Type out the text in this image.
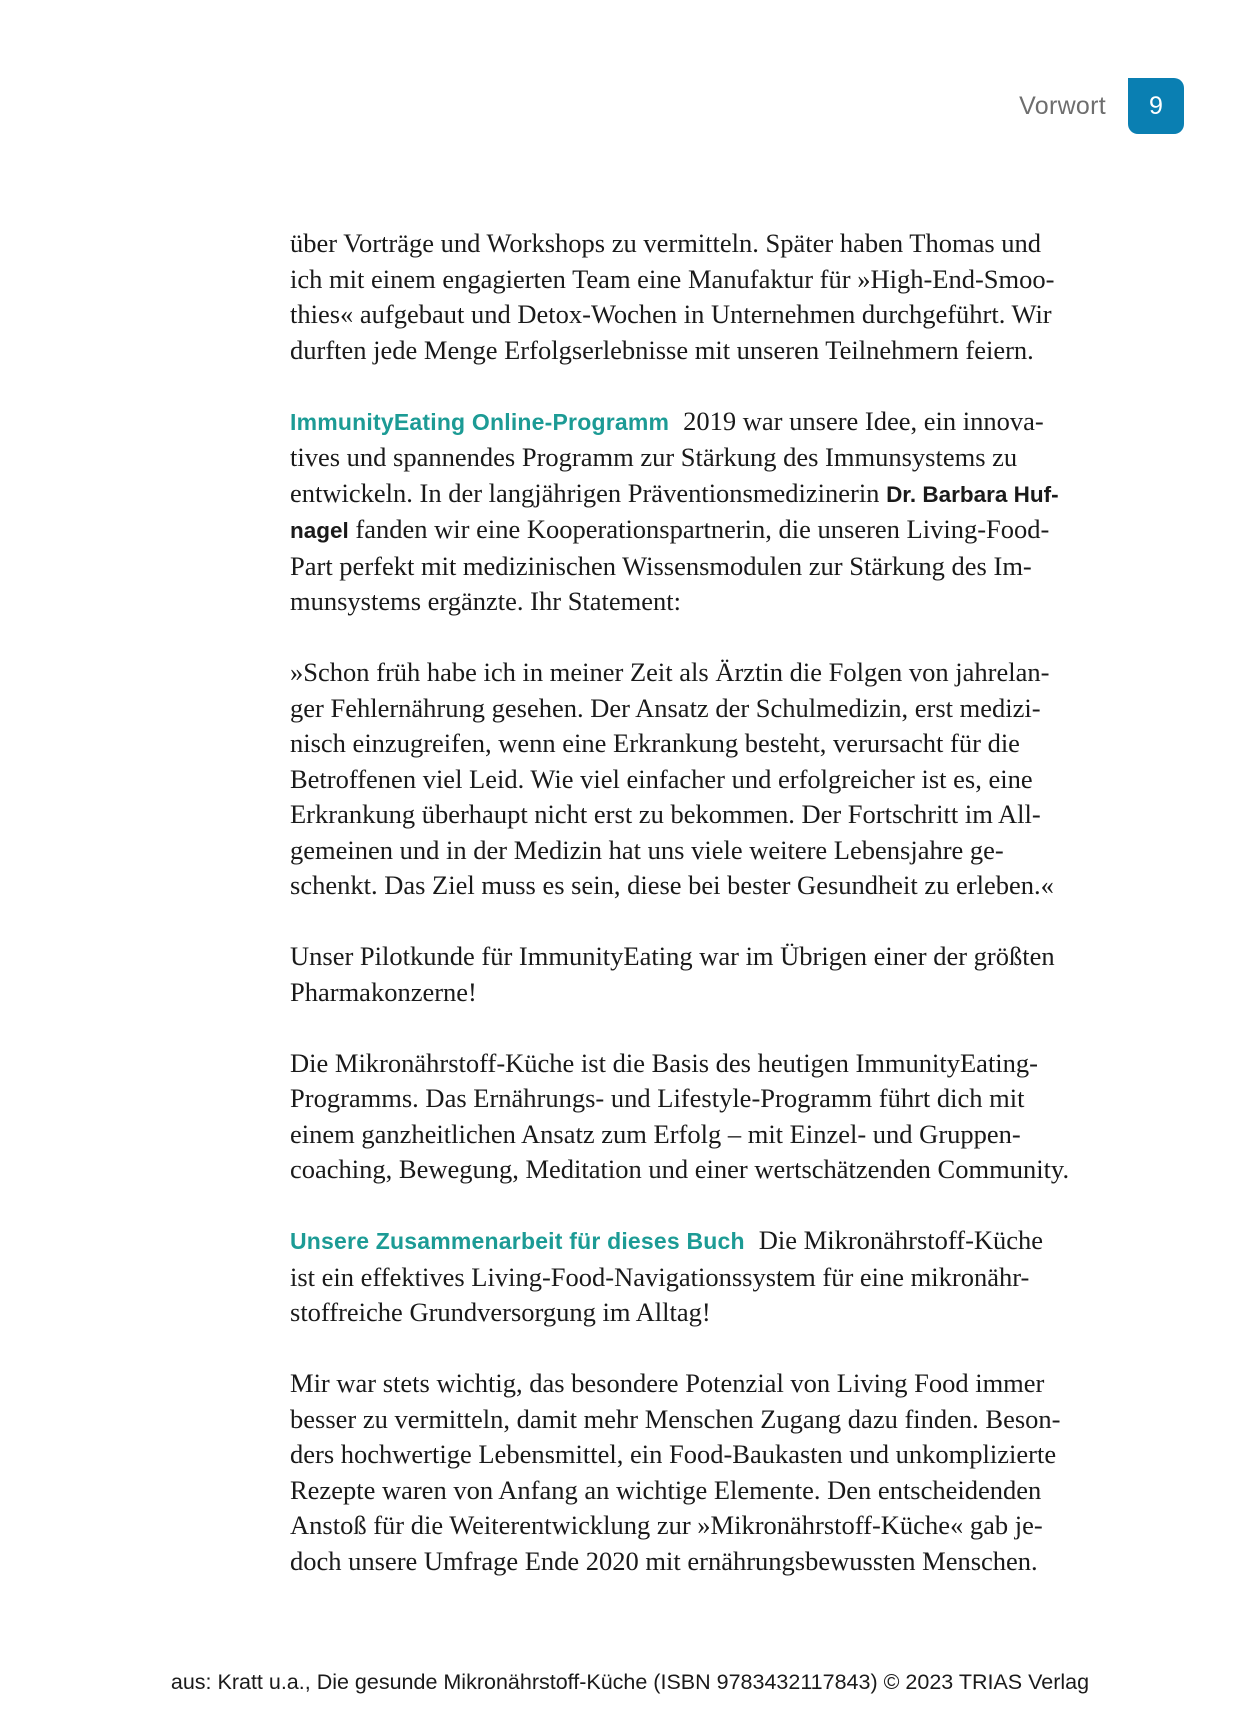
Vorwort	9

über Vorträge und Workshops zu vermitteln. Später haben Thomas und
ich mit einem engagierten Team eine Manufaktur für »High-End-Smoo-
thies« aufgebaut und Detox-Wochen in Unternehmen durchgeführt. Wir
durften jede Menge Erfolgserlebnisse mit unseren Teilnehmern feiern.

ImmunityEating Online-Programm 2019 war unsere Idee, ein innova-
tives und spannendes Programm zur Stärkung des Immunsystems zu
entwickeln. In der langjährigen Präventionsmedizinerin Dr. Barbara Huf-
nagel fanden wir eine Kooperationspartnerin, die unseren Living-Food-
Part perfekt mit medizinischen Wissensmodulen zur Stärkung des Im-
munsystems ergänzte. Ihr Statement:

»Schon früh habe ich in meiner Zeit als Ärztin die Folgen von jahrelan-
ger Fehlernährung gesehen. Der Ansatz der Schulmedizin, erst medizi-
nisch einzugreifen, wenn eine Erkrankung besteht, verursacht für die
Betroffenen viel Leid. Wie viel einfacher und erfolgreicher ist es, eine
Erkrankung überhaupt nicht erst zu bekommen. Der Fortschritt im All-
gemeinen und in der Medizin hat uns viele weitere Lebensjahre ge-
schenkt. Das Ziel muss es sein, diese bei bester Gesundheit zu erleben.«

Unser Pilotkunde für ImmunityEating war im Übrigen einer der größten
Pharmakonzerne!

Die Mikronährstoff-Küche ist die Basis des heutigen ImmunityEating-
Programms. Das Ernährungs- und Lifestyle-Programm führt dich mit
einem ganzheitlichen Ansatz zum Erfolg – mit Einzel- und Gruppen-
coaching, Bewegung, Meditation und einer wertschätzenden Community.

Unsere Zusammenarbeit für dieses Buch Die Mikronährstoff-Küche
ist ein effektives Living-Food-Navigationssystem für eine mikronähr-
stoffreiche Grundversorgung im Alltag!

Mir war stets wichtig, das besondere Potenzial von Living Food immer
besser zu vermitteln, damit mehr Menschen Zugang dazu finden. Beson-
ders hochwertige Lebensmittel, ein Food-Baukasten und unkomplizierte
Rezepte waren von Anfang an wichtige Elemente. Den entscheidenden
Anstoß für die Weiterentwicklung zur »Mikronährstoff-Küche« gab je-
doch unsere Umfrage Ende 2020 mit ernährungsbewussten Menschen.

aus: Kratt u.a., Die gesunde Mikronährstoff-Küche (ISBN 9783432117843) © 2023 TRIAS Verlag
